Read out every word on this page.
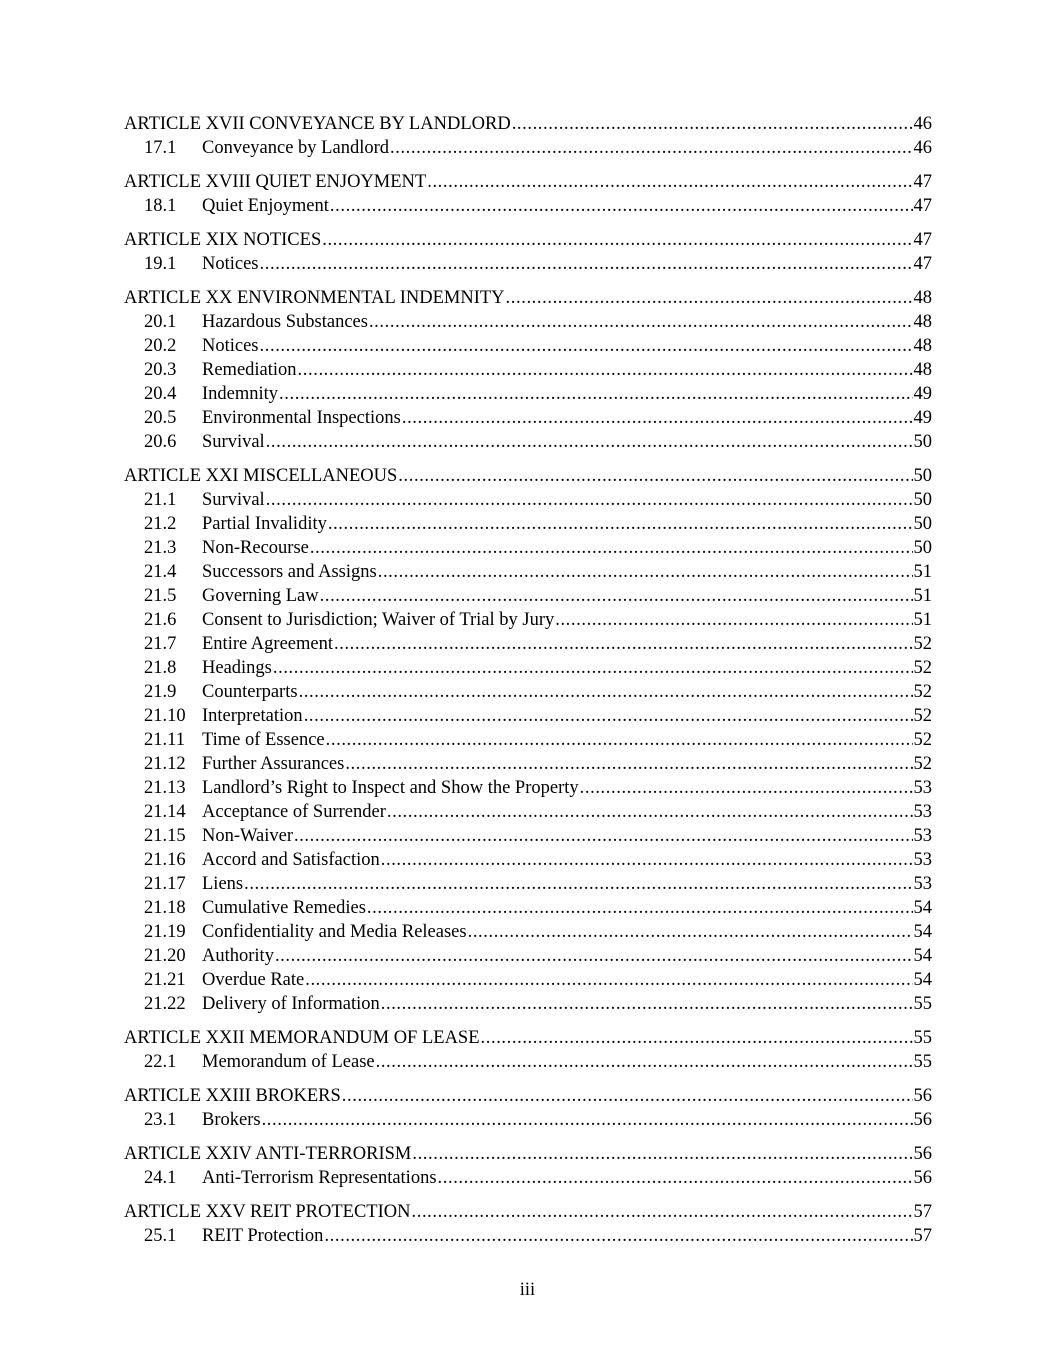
ARTICLE XVII CONVEYANCE BY LANDLORD .....	46
17.1	Conveyance by Landlord .....	46
ARTICLE XVIII QUIET ENJOYMENT .....	47
18.1	Quiet Enjoyment .....	47
ARTICLE XIX NOTICES .....	47
19.1	Notices .....	47
ARTICLE XX ENVIRONMENTAL INDEMNITY .....	48
20.1	Hazardous Substances .....	48
20.2	Notices .....	48
20.3	Remediation .....	48
20.4	Indemnity .....	49
20.5	Environmental Inspections .....	49
20.6	Survival .....	50
ARTICLE XXI MISCELLANEOUS .....	50
21.1	Survival .....	50
21.2	Partial Invalidity .....	50
21.3	Non-Recourse .....	50
21.4	Successors and Assigns .....	51
21.5	Governing Law .....	51
21.6	Consent to Jurisdiction; Waiver of Trial by Jury .....	51
21.7	Entire Agreement .....	52
21.8	Headings .....	52
21.9	Counterparts .....	52
21.10 Interpretation .....	52
21.11 Time of Essence .....	52
21.12 Further Assurances .....	52
21.13 Landlord’s Right to Inspect and Show the Property .....	53
21.14 Acceptance of Surrender .....	53
21.15 Non-Waiver .....	53
21.16 Accord and Satisfaction .....	53
21.17 Liens .....	53
21.18 Cumulative Remedies .....	54
21.19 Confidentiality and Media Releases .....	54
21.20 Authority .....	54
21.21 Overdue Rate .....	54
21.22 Delivery of Information .....	55
ARTICLE XXII MEMORANDUM OF LEASE .....	55
22.1	Memorandum of Lease .....	55
ARTICLE XXIII BROKERS .....	56
23.1	Brokers .....	56
ARTICLE XXIV ANTI-TERRORISM .....	56
24.1	Anti-Terrorism Representations .....	56
ARTICLE XXV REIT PROTECTION .....	57
25.1	REIT Protection .....	57
iii
